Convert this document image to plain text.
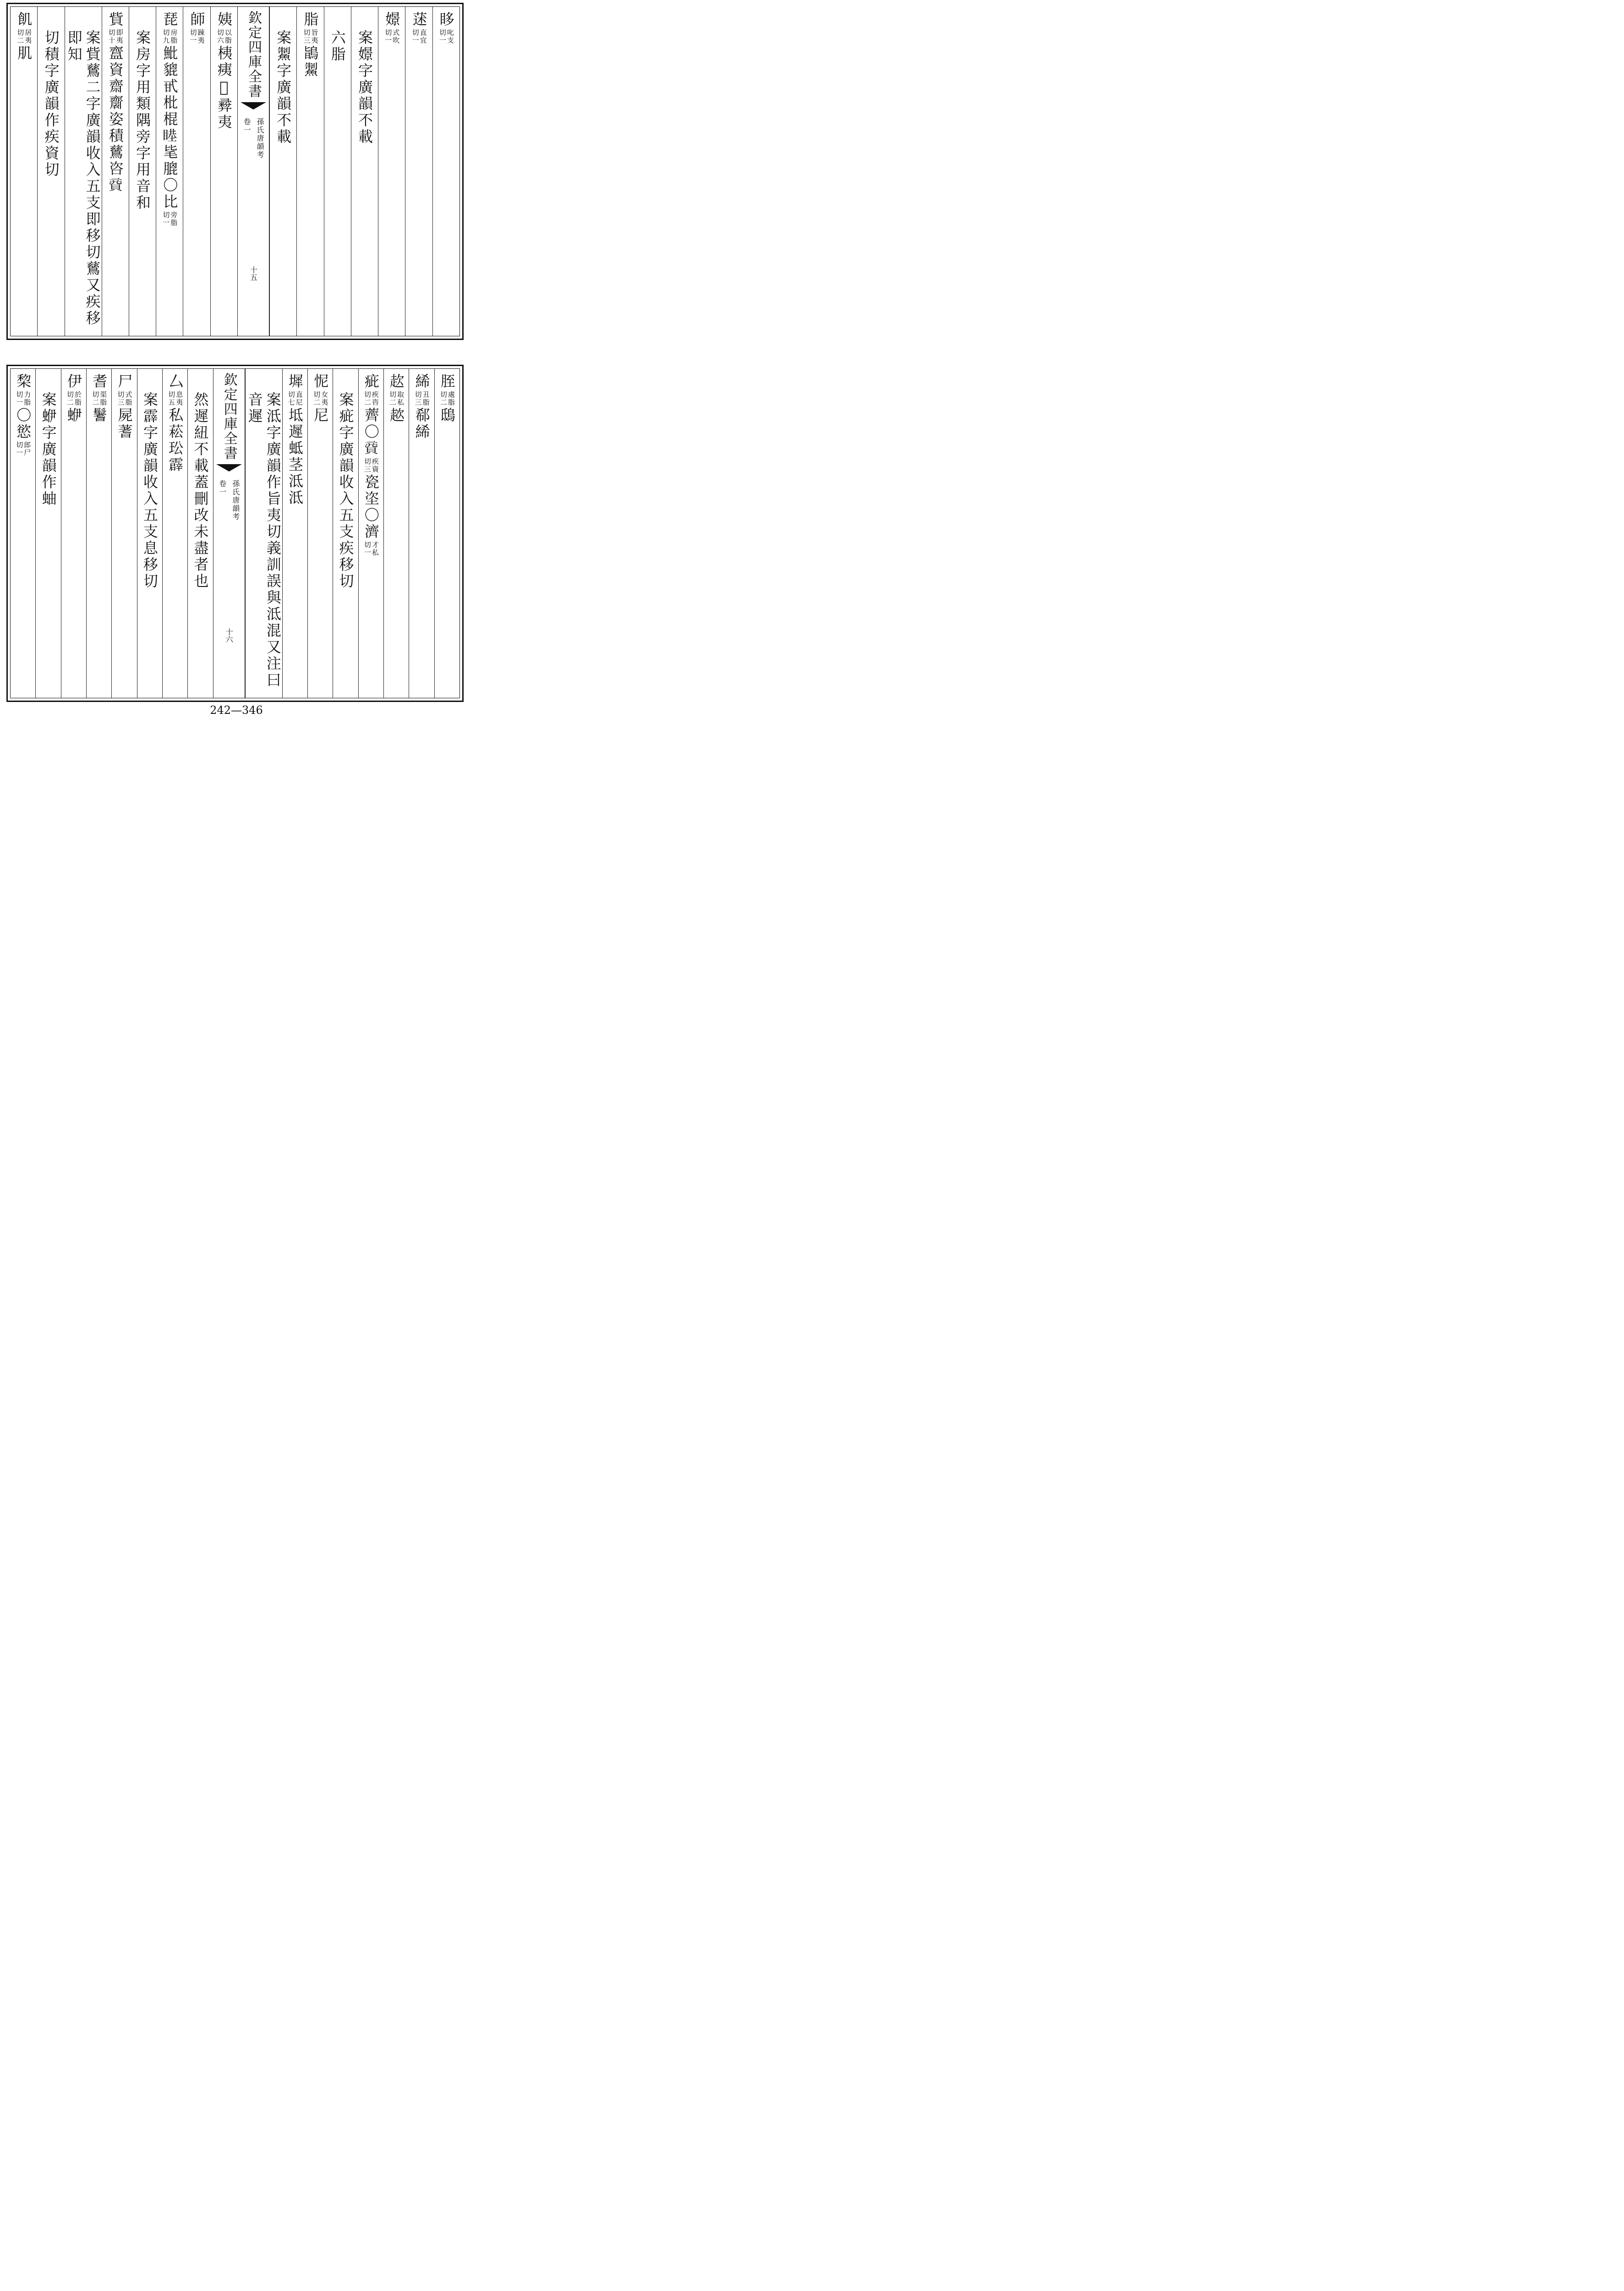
眵
叱支
切一
蒁
直宜
切一
𡡡
式吹
切一
案𡡡字廣韻不載
六脂
脂
旨夷
切三
鴲䱥
案䱥字廣韻不載
欽定四庫全書
孫氏唐韻考
卷一
十五
姨
以脂
切六
桋痍𢓨彛夷
師
踈夷
切一
琵
房脂
切九
魮貔甙枇棍𥈻毞膍〇比
旁脂
切一
案房字用類隅旁字用音和
貲
即夷
切十
齍資齋𪗋姿積鶿咨𧶜
案貲鶿二字廣韻收入五支即移切鶿又疾移即知
切積字廣韻作疾資切
飢
居夷
切二
肌
胵
處脂
切二
鴟
絺
丑脂
切三
郗絺
赼
取私
切二
趑
疵
疾咨
切二
薺〇𧶜
疾資
切三
瓷垐〇濟
才私
切一
案疵字廣韻收入五支疾移切
怩
女夷
切二
尼
墀
直尼
切七
坻遲蚳茎泜泜
案泜字廣韻作旨夷切義訓誤與泜混又注曰音遲
欽定四庫全書
孫氏唐韻考
卷一
十六
然遲紐不載蓋刪改未盡者也
厶
息夷
切五
私菘玜霹
案霹字廣韻收入五支息移切
尸
式脂
切三
屍蓍
耆
渠脂
切二
鬐
伊
於脂
切二
蛜
案蛜字廣韻作蚰
棃
力脂
切一
〇慾
郎尸
切一
242—346
